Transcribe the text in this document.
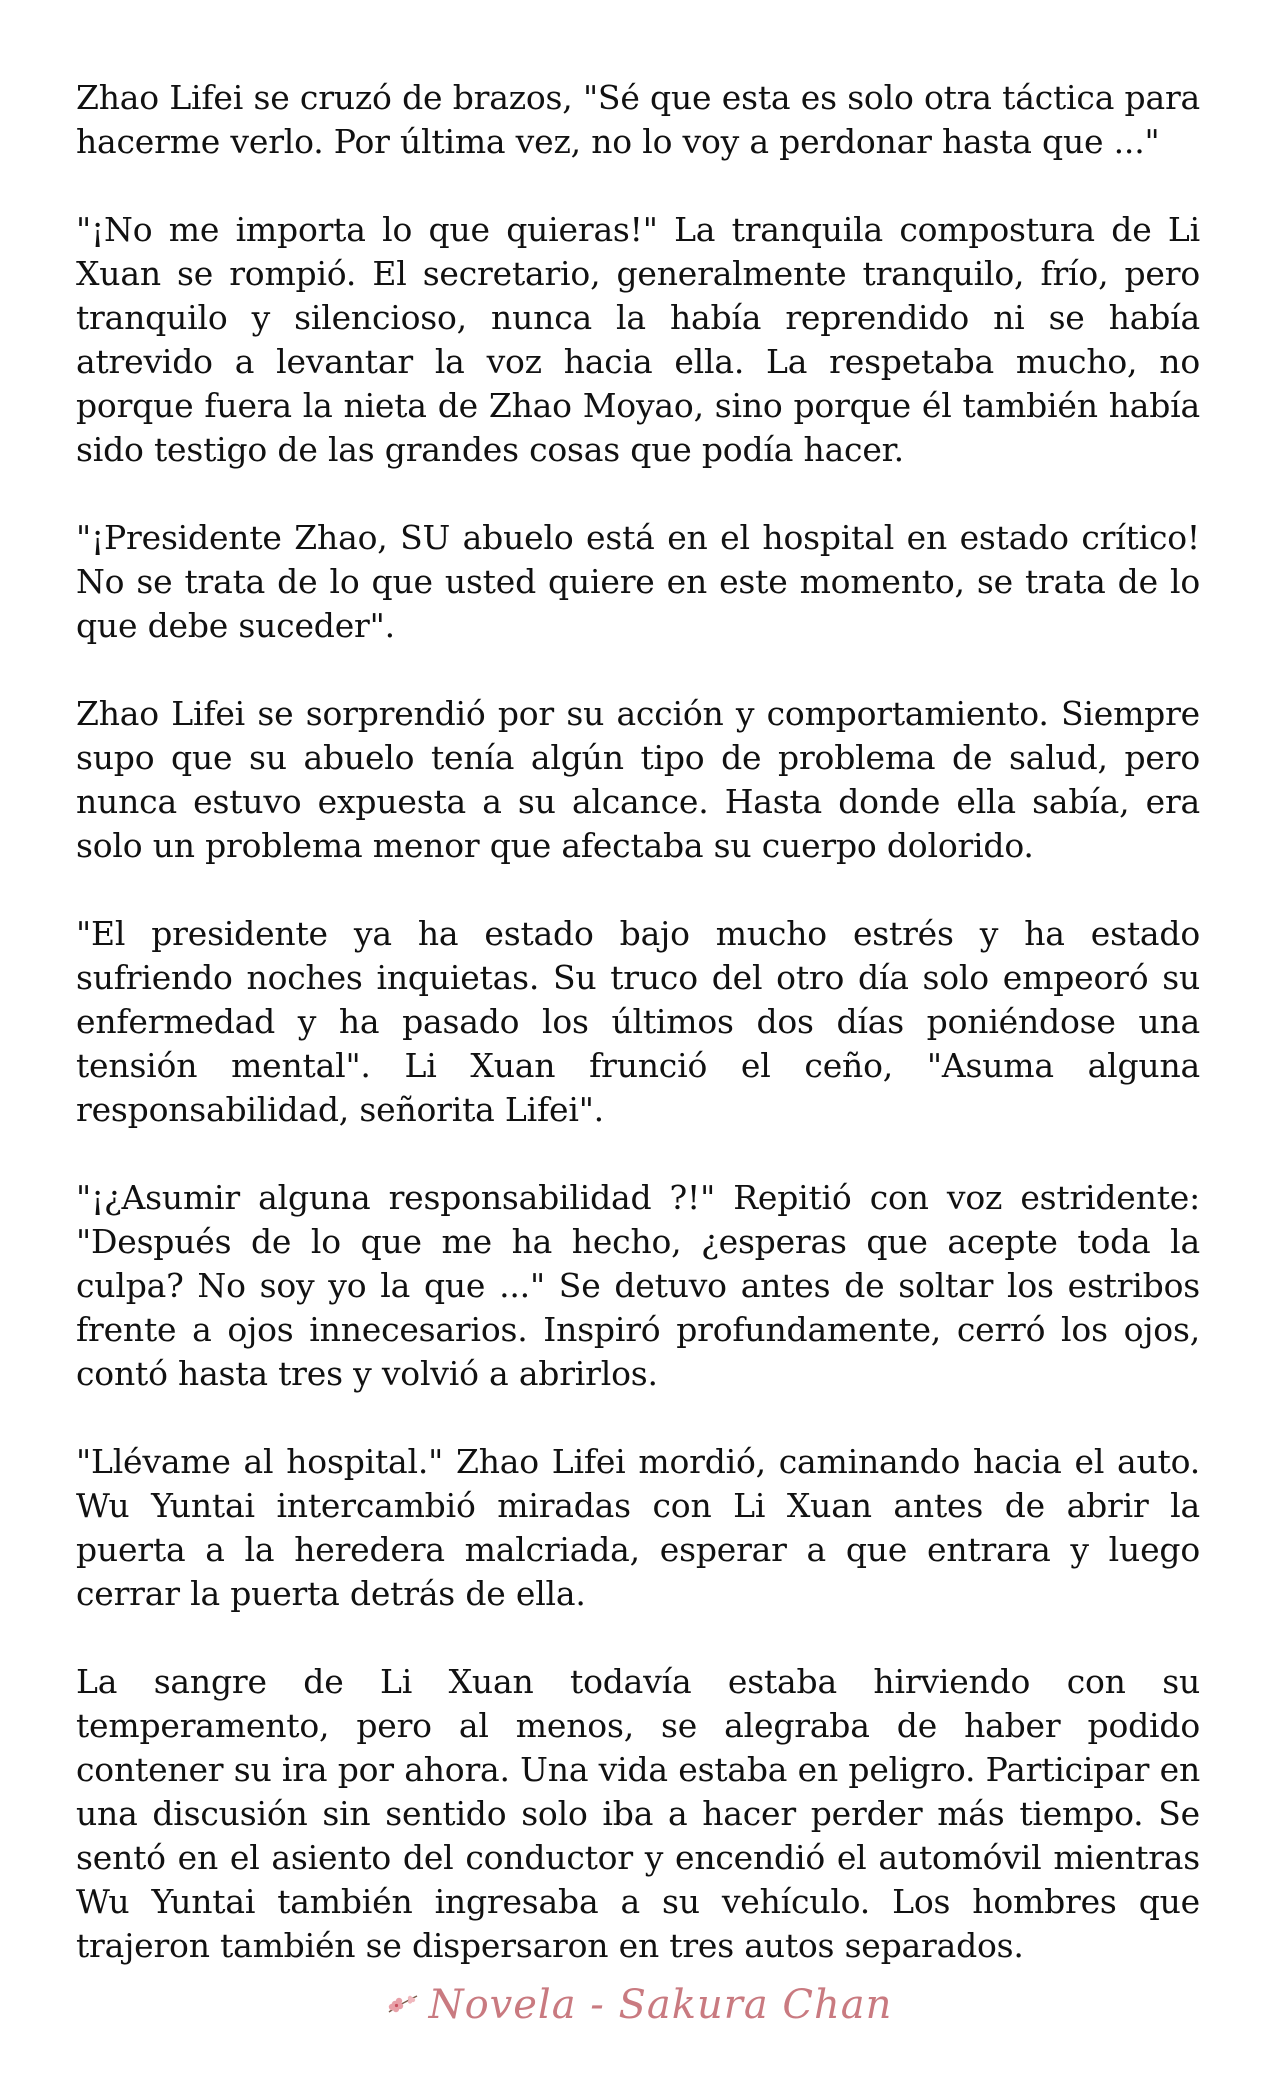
Zhao Lifei se cruzó de brazos, "Sé que esta es solo otra táctica para hacerme verlo. Por última vez, no lo voy a perdonar hasta que ..."

"¡No me importa lo que quieras!" La tranquila compostura de Li Xuan se rompió. El secretario, generalmente tranquilo, frío, pero tranquilo y silencioso, nunca la había reprendido ni se había atrevido a levantar la voz hacia ella. La respetaba mucho, no porque fuera la nieta de Zhao Moyao, sino porque él también había sido testigo de las grandes cosas que podía hacer.

"¡Presidente Zhao, SU abuelo está en el hospital en estado crítico! No se trata de lo que usted quiere en este momento, se trata de lo que debe suceder".

Zhao Lifei se sorprendió por su acción y comportamiento. Siempre supo que su abuelo tenía algún tipo de problema de salud, pero nunca estuvo expuesta a su alcance. Hasta donde ella sabía, era solo un problema menor que afectaba su cuerpo dolorido.

"El presidente ya ha estado bajo mucho estrés y ha estado sufriendo noches inquietas. Su truco del otro día solo empeoró su enfermedad y ha pasado los últimos dos días poniéndose una tensión mental". Li Xuan frunció el ceño, "Asuma alguna responsabilidad, señorita Lifei".

"¡¿Asumir alguna responsabilidad ?!" Repitió con voz estridente: "Después de lo que me ha hecho, ¿esperas que acepte toda la culpa? No soy yo la que ..." Se detuvo antes de soltar los estribos frente a ojos innecesarios. Inspiró profundamente, cerró los ojos, contó hasta tres y volvió a abrirlos.

"Llévame al hospital." Zhao Lifei mordió, caminando hacia el auto. Wu Yuntai intercambió miradas con Li Xuan antes de abrir la puerta a la heredera malcriada, esperar a que entrara y luego cerrar la puerta detrás de ella.

La sangre de Li Xuan todavía estaba hirviendo con su temperamento, pero al menos, se alegraba de haber podido contener su ira por ahora. Una vida estaba en peligro. Participar en una discusión sin sentido solo iba a hacer perder más tiempo. Se sentó en el asiento del conductor y encendió el automóvil mientras Wu Yuntai también ingresaba a su vehículo. Los hombres que trajeron también se dispersaron en tres autos separados.

Novela - Sakura Chan
